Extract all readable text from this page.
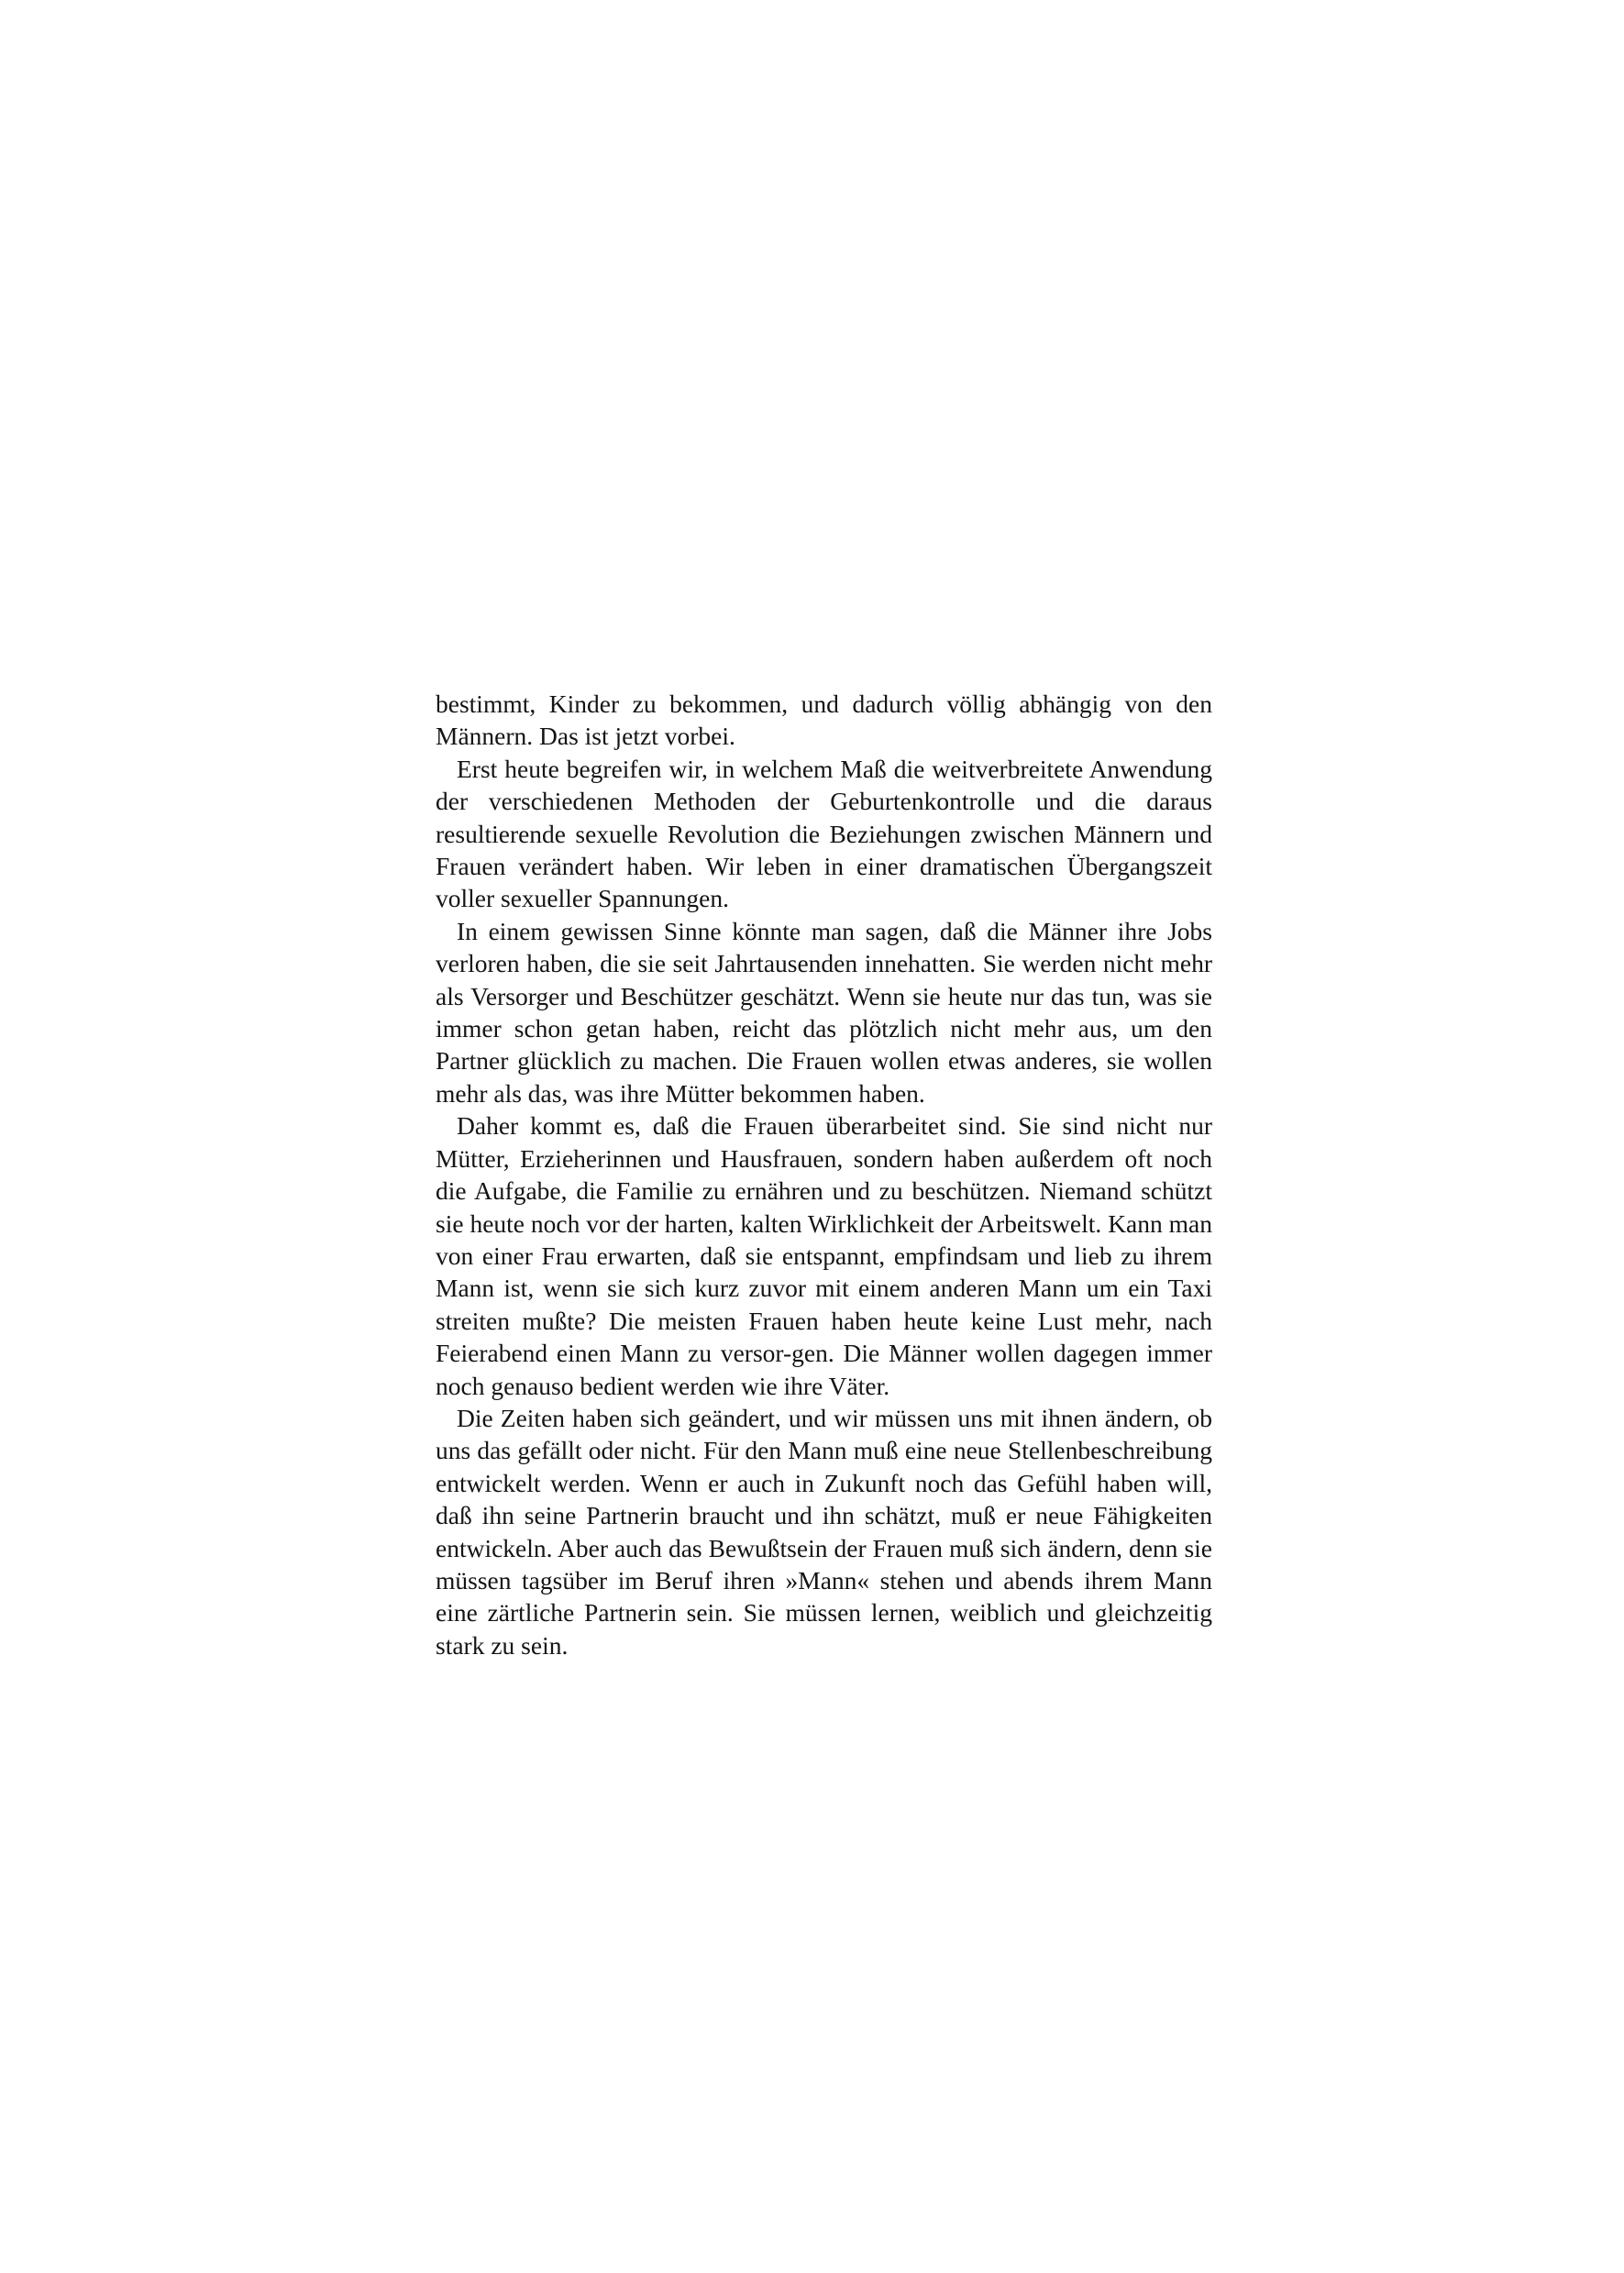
bestimmt, Kinder zu bekommen, und dadurch völlig abhängig von den Männern. Das ist jetzt vorbei.

Erst heute begreifen wir, in welchem Maß die weitverbreitete Anwendung der verschiedenen Methoden der Geburtenkontrolle und die daraus resultierende sexuelle Revolution die Beziehungen zwischen Männern und Frauen verändert haben. Wir leben in einer dramatischen Übergangszeit voller sexueller Spannungen.

In einem gewissen Sinne könnte man sagen, daß die Männer ihre Jobs verloren haben, die sie seit Jahrtausenden innehatten. Sie werden nicht mehr als Versorger und Beschützer geschätzt. Wenn sie heute nur das tun, was sie immer schon getan haben, reicht das plötzlich nicht mehr aus, um den Partner glücklich zu machen. Die Frauen wollen etwas anderes, sie wollen mehr als das, was ihre Mütter bekommen haben.

Daher kommt es, daß die Frauen überarbeitet sind. Sie sind nicht nur Mütter, Erzieherinnen und Hausfrauen, sondern haben außerdem oft noch die Aufgabe, die Familie zu ernähren und zu beschützen. Niemand schützt sie heute noch vor der harten, kalten Wirklichkeit der Arbeitswelt. Kann man von einer Frau erwarten, daß sie entspannt, empfindsam und lieb zu ihrem Mann ist, wenn sie sich kurz zuvor mit einem anderen Mann um ein Taxi streiten mußte? Die meisten Frauen haben heute keine Lust mehr, nach Feierabend einen Mann zu versor-gen. Die Männer wollen dagegen immer noch genauso bedient werden wie ihre Väter.

Die Zeiten haben sich geändert, und wir müssen uns mit ihnen ändern, ob uns das gefällt oder nicht. Für den Mann muß eine neue Stellenbeschreibung entwickelt werden. Wenn er auch in Zukunft noch das Gefühl haben will, daß ihn seine Partnerin braucht und ihn schätzt, muß er neue Fähigkeiten entwickeln. Aber auch das Bewußtsein der Frauen muß sich ändern, denn sie müssen tagsüber im Beruf ihren »Mann« stehen und abends ihrem Mann eine zärtliche Partnerin sein. Sie müssen lernen, weiblich und gleichzeitig stark zu sein.
